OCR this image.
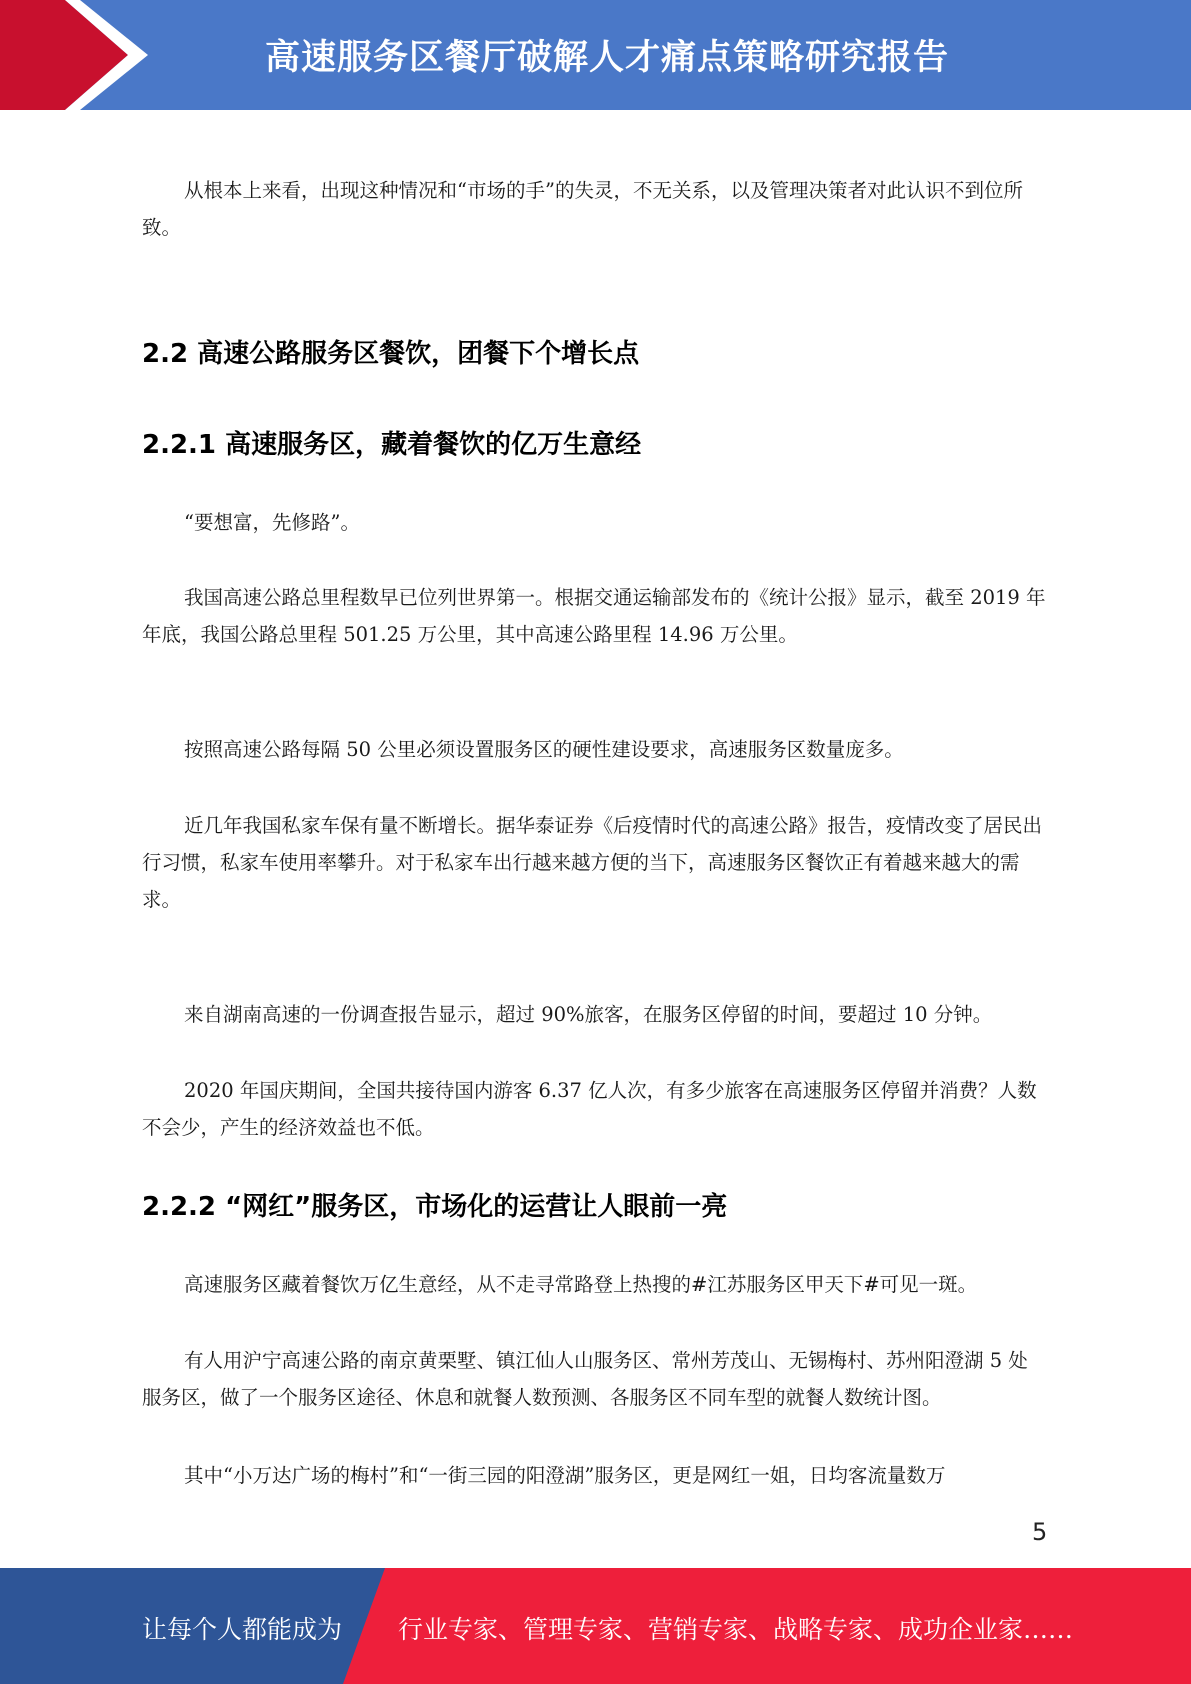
高速服务区餐厅破解人才痛点策略研究报告

从根本上来看，出现这种情况和“市场的手”的失灵，不无关系，以及管理决策者对此认识不到位所致。

2.2 高速公路服务区餐饮，团餐下个增长点
2.2.1 高速服务区，藏着餐饮的亿万生意经

“要想富，先修路”。

我国高速公路总里程数早已位列世界第一。根据交通运输部发布的《统计公报》显示，截至 2019 年年底，我国公路总里程 501.25 万公里，其中高速公路里程 14.96 万公里。

按照高速公路每隔 50 公里必须设置服务区的硬性建设要求，高速服务区数量庞多。

近几年我国私家车保有量不断增长。据华泰证券《后疫情时代的高速公路》报告，疫情改变了居民出行习惯，私家车使用率攀升。对于私家车出行越来越方便的当下，高速服务区餐饮正有着越来越大的需求。

来自湖南高速的一份调查报告显示，超过 90%旅客，在服务区停留的时间，要超过 10 分钟。

2020 年国庆期间，全国共接待国内游客 6.37 亿人次，有多少旅客在高速服务区停留并消费？人数不会少，产生的经济效益也不低。

2.2.2 “网红”服务区，市场化的运营让人眼前一亮

高速服务区藏着餐饮万亿生意经，从不走寻常路登上热搜的#江苏服务区甲天下#可见一斑。

有人用沪宁高速公路的南京黄栗墅、镇江仙人山服务区、常州芳茂山、无锡梅村、苏州阳澄湖 5 处服务区，做了一个服务区途径、休息和就餐人数预测、各服务区不同车型的就餐人数统计图。

其中“小万达广场的梅村”和“一街三园的阳澄湖”服务区，更是网红一姐，日均客流量数万

5
让每个人都能成为 行业专家、管理专家、营销专家、战略专家、成功企业家……
